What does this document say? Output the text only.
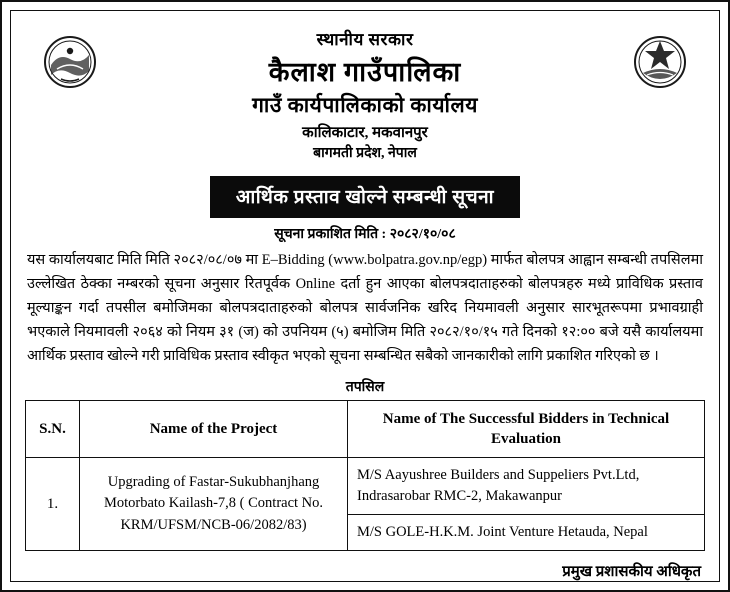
स्थानीय सरकार
कैलाश गाउँपालिका
गाउँ कार्यपालिकाको कार्यालय
कालिकाटार, मकवानपुर
बागमती प्रदेश, नेपाल
आर्थिक प्रस्ताव खोल्ने सम्बन्धी सूचना
सूचना प्रकाशित मिति : २०८२/१०/०८

यस कार्यालयबाट मिति मिति २०८२/०८/०७ मा E–Bidding (www.bolpatra.gov.np/egp) मार्फत बोलपत्र आह्वान सम्बन्धी तपसिलमा उल्लेखित ठेक्का नम्बरको सूचना अनुसार रितपूर्वक Online दर्ता हुन आएका बोलपत्रदाताहरुको बोलपत्रहरु मध्ये प्राविधिक प्रस्ताव मूल्याङ्कन गर्दा तपसील बमोजिमका बोलपत्रदाताहरुको बोलपत्र सार्वजनिक खरिद नियमावली अनुसार सारभूतरूपमा प्रभावग्राही भएकाले नियमावली २०६४ को नियम ३१ (ज) को उपनियम (५) बमोजिम मिति २०८२/१०/१५ गते दिनको १२:०० बजे यसै कार्यालयमा आर्थिक प्रस्ताव खोल्ने गरी प्राविधिक प्रस्ताव स्वीकृत भएको सूचना सम्बन्धित सबैको जानकारीको लागि प्रकाशित गरिएको छ ।

तपसिल
S.N.	Name of the Project	Name of The Successful Bidders in Technical Evaluation
1.	Upgrading of Fastar-Sukubhanjhang Motorbato Kailash-7,8 ( Contract No. KRM/UFSM/NCB-06/2082/83)	M/S Aayushree Builders and Suppeliers Pvt.Ltd, Indrasarobar RMC-2, Makawanpur
M/S GOLE-H.K.M. Joint Venture Hetauda, Nepal
प्रमुख प्रशासकीय अधिकृत
